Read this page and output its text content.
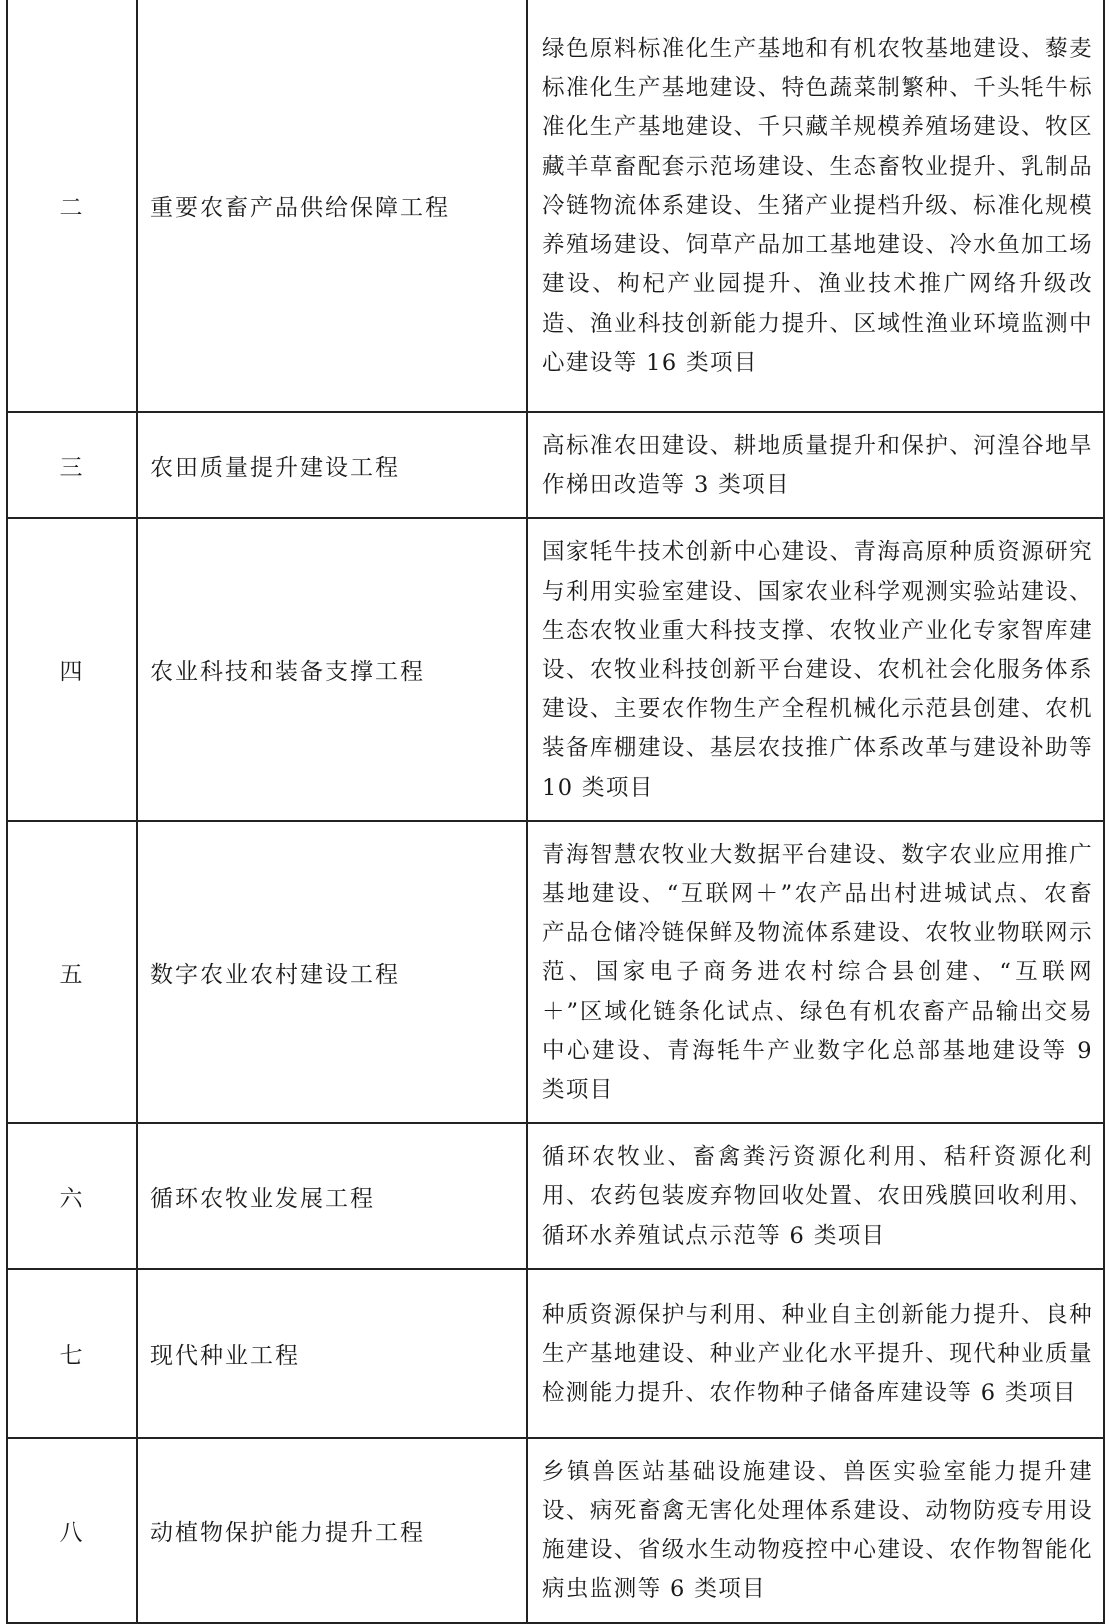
二	重要农畜产品供给保障工程	绿色原料标准化生产基地和有机农牧基地建设、藜麦标准化生产基地建设、特色蔬菜制繁种、千头牦牛标准化生产基地建设、千只藏羊规模养殖场建设、牧区藏羊草畜配套示范场建设、生态畜牧业提升、乳制品冷链物流体系建设、生猪产业提档升级、标准化规模养殖场建设、饲草产品加工基地建设、冷水鱼加工场建设、枸杞产业园提升、渔业技术推广网络升级改造、渔业科技创新能力提升、区域性渔业环境监测中心建设等 16 类项目
三	农田质量提升建设工程	高标准农田建设、耕地质量提升和保护、河湟谷地旱作梯田改造等 3 类项目
四	农业科技和装备支撑工程	国家牦牛技术创新中心建设、青海高原种质资源研究与利用实验室建设、国家农业科学观测实验站建设、生态农牧业重大科技支撑、农牧业产业化专家智库建设、农牧业科技创新平台建设、农机社会化服务体系建设、主要农作物生产全程机械化示范县创建、农机装备库棚建设、基层农技推广体系改革与建设补助等 10 类项目
五	数字农业农村建设工程	青海智慧农牧业大数据平台建设、数字农业应用推广基地建设、“互联网＋”农产品出村进城试点、农畜产品仓储冷链保鲜及物流体系建设、农牧业物联网示范、国家电子商务进农村综合县创建、“互联网＋”区域化链条化试点、绿色有机农畜产品输出交易中心建设、青海牦牛产业数字化总部基地建设等 9 类项目
六	循环农牧业发展工程	循环农牧业、畜禽粪污资源化利用、秸秆资源化利用、农药包装废弃物回收处置、农田残膜回收利用、循环水养殖试点示范等 6 类项目
七	现代种业工程	种质资源保护与利用、种业自主创新能力提升、良种生产基地建设、种业产业化水平提升、现代种业质量检测能力提升、农作物种子储备库建设等 6 类项目
八	动植物保护能力提升工程	乡镇兽医站基础设施建设、兽医实验室能力提升建设、病死畜禽无害化处理体系建设、动物防疫专用设施建设、省级水生动物疫控中心建设、农作物智能化病虫监测等 6 类项目
